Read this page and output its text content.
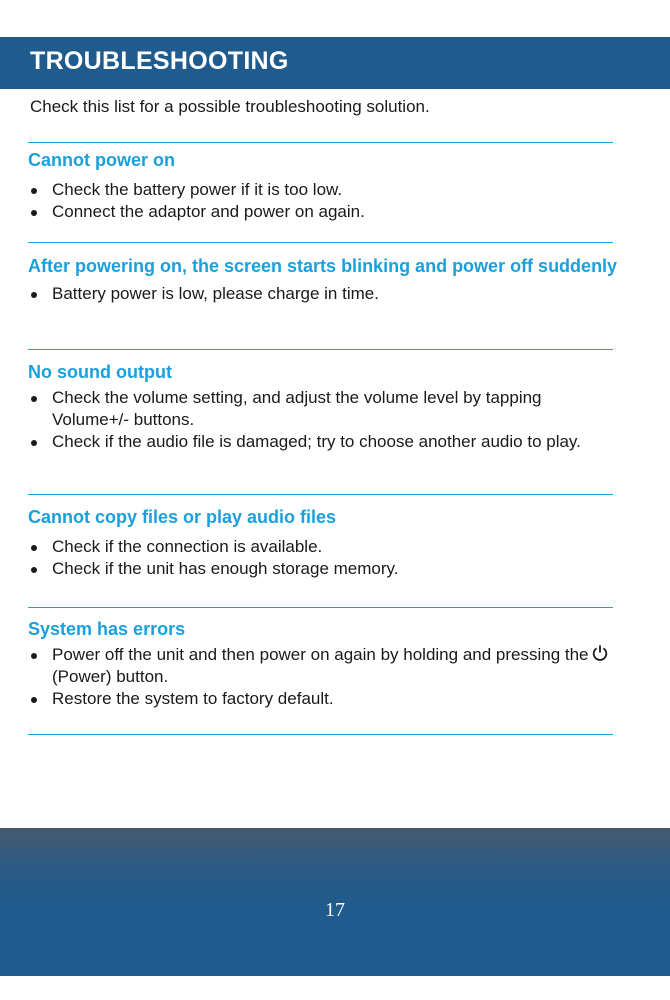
TROUBLESHOOTING

Check this list for a possible troubleshooting solution.

Cannot power on
Check the battery power if it is too low.
Connect the adaptor and power on again.
After powering on, the screen starts blinking and power off suddenly
Battery power is low, please charge in time.
No sound output
Check the volume setting, and adjust the volume level by tapping Volume+/- buttons.
Check if the audio file is damaged; try to choose another audio to play.
Cannot copy files or play audio files
Check if the connection is available.
Check if the unit has enough storage memory.
System has errors
Power off the unit and then power on again by holding and pressing the(Power) button.
Restore the system to factory default.
17
